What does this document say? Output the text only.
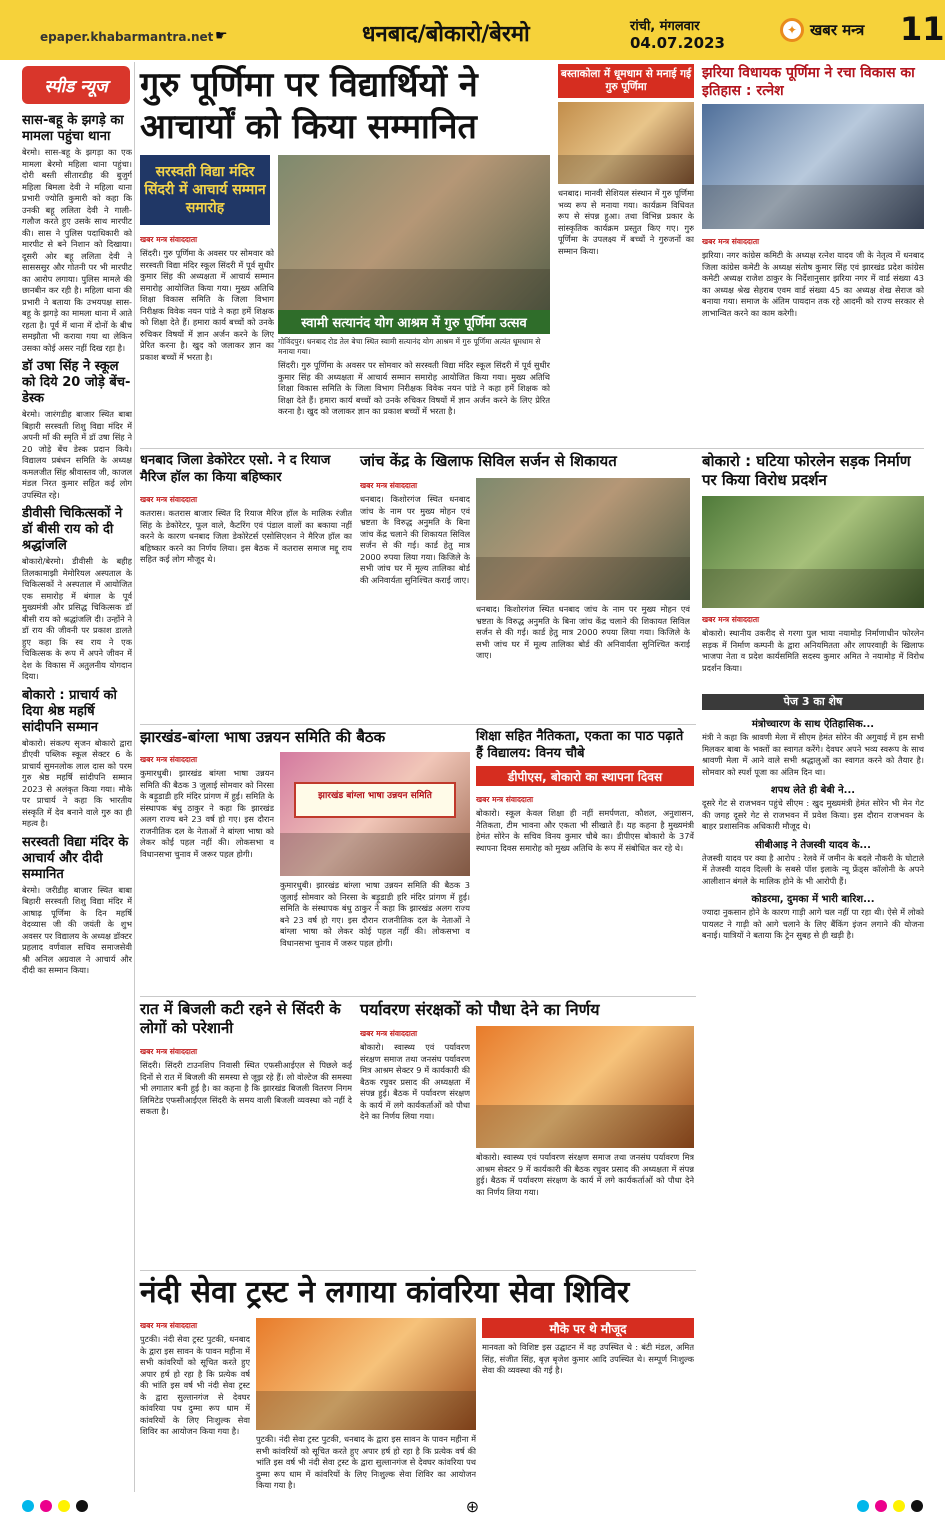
epaper.khabarmantra.net ☛	धनबाद/बोकारो/बेरमो	रांची, मंगलवार
04.07.2023
✦ खबर मन्त्र 11
स्पीड न्यूज
सास-बहू के झगड़े का मामला पहुंचा थाना
बेरमो। सास-बहू के झगड़ा का एक मामला बेरमो महिला थाना पहुंचा। दोरी बस्ती सीतारडीह की बुजुर्ग महिला बिमला देवी ने महिला थाना प्रभारी ज्योति कुमारी को कहा कि उनकी बहू ललिता देवी ने गाली-गलौज करते हुए उसके साथ मारपीट की। सास ने पुलिस पदाधिकारी को मारपीट से बने निशान को दिखाया। दूसरी ओर बहू ललिता देवी ने सासससुर और गोतनी पर भी मारपीट का आरोप लगाया। पुलिस मामले की छानबीन कर रही है। महिला थाना की प्रभारी ने बताया कि उभयपक्ष सास-बहू के झगड़े का मामला थाना में आते रहता है। पूर्व में थाना में दोनों के बीच समझौता भी कराया गया था लेकिन उसका कोई असर नहीं दिख रहा है।
डॉ उषा सिंह ने स्कूल को दिये 20 जोड़े बेंच-डेस्क
बेरमो। जारंगडीह बाजार स्थित बाबा बिहारी सरस्वती शिशु विद्या मंदिर में अपनी माँ की स्मृति में डॉ उषा सिंह ने 20 जोड़े बेंच डेस्क प्रदान किये। विद्यालय प्रबंधन समिति के अध्यक्ष कमलजीत सिंह श्रीवास्तव जी, काजल मंडल निरत कुमार सहित कई लोग उपस्थित रहे।
डीवीसी चिकित्सकों ने डॉ बीसी राय को दी श्रद्धांजलि
बोकारो/बेरमो। डीवीसी के बहीह तिलकामाझी मेमोरियल अस्पताल के चिकित्सकों ने अस्पताल में आयोजित एक समारोह में बंगाल के पूर्व मुख्यमंत्री और प्रसिद्ध चिकित्सक डॉ बीसी राय को श्रद्धांजलि दी। उन्होंने ने डॉ राय की जीवनी पर प्रकाश डालते हुए कहा कि स्व राय ने एक चिकित्सक के रूप में अपने जीवन में देश के विकास में अतुलनीय योगदान दिया।
बोकारो : प्राचार्य को दिया श्रेष्ठ महर्षि सांदीपनि सम्मान
बोकारो। संकल्प सृजन बोकारो द्वारा डीएवी पब्लिक स्कूल सेक्टर 6 के प्राचार्य सुमनलोक लाल दास को परम गुरु श्रेष्ठ महर्षि सांदीपनि सम्मान 2023 से अलंकृत किया गया। मौके पर प्राचार्य ने कहा कि भारतीय संस्कृति में देव बनाने वाले गुरु का ही महत्व है।
सरस्वती विद्या मंदिर के आचार्य और दीदी सम्मानित
बेरमो। जरीडीह बाजार स्थित बाबा बिहारी सरस्वती शिशु विद्या मंदिर में आषाढ़ पूर्णिमा के दिन महर्षि वेदव्यास जी की जयंती के शुभ अवसर पर विद्यालय के अध्यक्ष डॉक्टर प्रहलाद वर्णवाल सचिव समाजसेवी श्री अनिल अग्रवाल ने आचार्य और दीदी का सम्मान किया।
गुरु पूर्णिमा पर विद्यार्थियों ने आचार्यों को किया सम्मानित
सरस्वती विद्या मंदिर सिंदरी में आचार्य सम्मान समारोह
स्वामी सत्यानंद योग आश्रम में गुरु पूर्णिमा उत्सव
गोविंदपुर। धनबाद रोड तेल बेचा स्थित स्वामी सत्यानंद योग आश्रम में गुरु पूर्णिमा अत्यंत धूमधाम से मनाया गया।
खबर मन्त्र संवाददाता
सिंदरी। गुरु पूर्णिमा के अवसर पर सोमवार को सरस्वती विद्या मंदिर स्कूल सिंदरी में पूर्व सुधीर कुमार सिंह की अध्यक्षता में आचार्य सम्मान समारोह आयोजित किया गया। मुख्य अतिथि शिक्षा विकास समिति के जिला विभाग निरीक्षक विवेक नयन पांडे ने कहा हमें शिक्षक को शिक्षा देते हैं। हमारा कार्य बच्चों को उनके रुचिकर विषयों में ज्ञान अर्जन करने के लिए प्रेरित करना है। खुद को जलाकर ज्ञान का प्रकाश बच्चों में भरता है।
सिंदरी। गुरु पूर्णिमा के अवसर पर सोमवार को सरस्वती विद्या मंदिर स्कूल सिंदरी में पूर्व सुधीर कुमार सिंह की अध्यक्षता में आचार्य सम्मान समारोह आयोजित किया गया। मुख्य अतिथि शिक्षा विकास समिति के जिला विभाग निरीक्षक विवेक नयन पांडे ने कहा हमें शिक्षक को शिक्षा देते हैं। हमारा कार्य बच्चों को उनके रुचिकर विषयों में ज्ञान अर्जन करने के लिए प्रेरित करना है। खुद को जलाकर ज्ञान का प्रकाश बच्चों में भरता है।
बस्ताकोला में धूमधाम से मनाई गई गुरु पूर्णिमा
धनबाद। मानवी सेशियल संस्थान में गुरु पूर्णिमा भव्य रूप से मनाया गया। कार्यक्रम विधिवत रूप से संपन्न हुआ। तथा विभिन्न प्रकार के सांस्कृतिक कार्यक्रम प्रस्तुत किए गए। गुरु पूर्णिमा के उपलक्ष्य में बच्चों ने गुरुजनों का सम्मान किया।
झरिया विधायक पूर्णिमा ने रचा विकास का इतिहास : रत्नेश
खबर मन्त्र संवाददाता
झरिया। नगर कांग्रेस कमिटी के अध्यक्ष रत्नेश यादव जी के नेतृत्व में धनबाद जिला कांग्रेस कमेटी के अध्यक्ष संतोष कुमार सिंह एवं झारखंड प्रदेश कांग्रेस कमेटी अध्यक्ष राजेश ठाकुर के निर्देशानुसार झरिया नगर में वार्ड संख्या 43 का अध्यक्ष श्रेख सेहराब एवम वार्ड संख्या 45 का अध्यक्ष शेख सेराज को बनाया गया। समाज के अंतिम पायदान तक रहे आदमी को राज्य सरकार से लाभान्वित करने का काम करेगी।
धनबाद जिला डेकोरेटर एसो. ने द रियाज मैरिज हॉल का किया बहिष्कार
खबर मन्त्र संवाददाता
कतरास। कतरास बाजार स्थित दि रियाज मैरिज हॉल के मालिक रंजीत सिंह के डेकोरेटर, फूल वाले, कैटरिंग एवं पंडाल वालों का बकाया नहीं करने के कारण धनबाद जिला डेकोरेटर्स एसोसिएशन ने मैरिज हॉल का बहिष्कार करने का निर्णय लिया। इस बैठक में कतरास समाज मद्दू राय सहित कई लोग मौजूद थे।
जांच केंद्र के खिलाफ सिविल सर्जन से शिकायत
खबर मन्त्र संवाददाता
धनबाद। किशोरगंज स्थित धनबाद जांच के नाम पर मुख्य मोहन एवं भ्रष्टता के विरुद्ध अनुमति के बिना जांच केंद्र चलाने की शिकायत सिविल सर्जन से की गई। कार्ड हेतु मात्र 2000 रुपया लिया गया। किजिले के सभी जांच घर में मूल्य तालिका बोर्ड की अनिवार्यता सुनिश्चित कराई जाए।
धनबाद। किशोरगंज स्थित धनबाद जांच के नाम पर मुख्य मोहन एवं भ्रष्टता के विरुद्ध अनुमति के बिना जांच केंद्र चलाने की शिकायत सिविल सर्जन से की गई। कार्ड हेतु मात्र 2000 रुपया लिया गया। किजिले के सभी जांच घर में मूल्य तालिका बोर्ड की अनिवार्यता सुनिश्चित कराई जाए।
बोकारो : घटिया फोरलेन सड़क निर्माण पर किया विरोध प्रदर्शन
खबर मन्त्र संवाददाता
बोकारो। स्थानीय उकरीद से गरगा पुल भाया नयामोड़ निर्माणाधीन फोरलेन सड़क में निर्माण कम्पनी के द्वारा अनियमितता और लापरवाही के खिलाफ भाजपा नेता व प्रदेश कार्यसमिति सदस्य कुमार अमित ने नयामोड़ में विरोध प्रदर्शन किया।
पेज 3 का शेष
मंत्रोच्चारण के साथ ऐतिहासिक...
मंत्री ने कहा कि श्रावणी मेला में सीएम हेमंत सोरेन की अगुवाई में हम सभी मिलकर बाबा के भक्तों का स्वागत करेंगे। देवघर अपने भव्य स्वरूप के साथ श्रावणी मेला में आने वाले सभी श्रद्धालुओं का स्वागत करने को तैयार है। सोमवार को स्पर्श पूजा का अंतिम दिन था।
शपथ लेते ही बेबी ने...
दूसरे गेट से राजभवन पहुंचे सीएम : खुद मुख्यमंत्री हेमंत सोरेन भी मेन गेट की जगह दूसरे गेट से राजभवन में प्रवेश किया। इस दौरान राजभवन के बाहर प्रशासनिक अधिकारी मौजूद थे।
सीबीआइ ने तेजस्वी यादव के...
तेजस्वी यादव पर क्या है आरोप : रेलवे में जमीन के बदले नौकरी के घोटाले में तेजस्वी यादव दिल्ली के सबसे पॉश इलाके न्यू फ्रेंड्स कॉलोनी के अपने आलीशान बंगले के मालिक होने के भी आरोपी हैं।
कोडरमा, दुमका में भारी बारिश...
ज्यादा नुकसान होने के कारण गाड़ी आगे चल नहीं पा रहा थी। ऐसे में लोको पायलट ने गाड़ी को आगे चलाने के लिए बैंकिंग इंजन लगाने की योजना बनाई। यात्रियों ने बताया कि ट्रेन सुबह से ही खड़ी है।
झारखंड-बांग्ला भाषा उन्नयन समिति की बैठक
खबर मन्त्र संवाददाता
कुमारधुबी। झारखंड बांग्ला भाषा उन्नयन समिति की बैठक 3 जुलाई सोमवार को निरसा के बड़ूडाडी हरि मंदिर प्रांगण में हुई। समिति के संस्थापक बंधु ठाकुर ने कहा कि झारखंड अलग राज्य बने 23 वर्ष हो गए। इस दौरान राजनीतिक दल के नेताओं ने बांग्ला भाषा को लेकर कोई पहल नहीं की। लोकसभा व विधानसभा चुनाव में जरूर पहल होगी।
झारखंड बांग्ला भाषा उन्नयन समिति
कुमारधुबी। झारखंड बांग्ला भाषा उन्नयन समिति की बैठक 3 जुलाई सोमवार को निरसा के बड़ूडाडी हरि मंदिर प्रांगण में हुई। समिति के संस्थापक बंधु ठाकुर ने कहा कि झारखंड अलग राज्य बने 23 वर्ष हो गए। इस दौरान राजनीतिक दल के नेताओं ने बांग्ला भाषा को लेकर कोई पहल नहीं की। लोकसभा व विधानसभा चुनाव में जरूर पहल होगी।
शिक्षा सहित नैतिकता, एकता का पाठ पढ़ाते हैं विद्यालय: विनय चौबे
डीपीएस, बोकारो का स्थापना दिवस
खबर मन्त्र संवाददाता
बोकारो। स्कूल केवल शिक्षा ही नहीं समर्पणता, कौशल, अनुशासन, नैतिकता, टीम भावना और एकता भी सीखाते हैं। यह कहना है मुख्यमंत्री हेमंत सोरेन के सचिव विनय कुमार चौबे का। डीपीएस बोकारो के 37वें स्थापना दिवस समारोह को मुख्य अतिथि के रूप में संबोधित कर रहे थे।
रात में बिजली कटी रहने से सिंदरी के लोगों को परेशानी
खबर मन्त्र संवाददाता
सिंदरी। सिंदरी टाउनशिप निवासी स्थित एफसीआईएल से पिछले कई दिनों से रात में बिजली की समस्या से जूझ रहे हैं। लो वोल्टेज की समस्या भी लगातार बनी हुई है। का कहना है कि झारखंड बिजली वितरण निगम लिमिटेड एफसीआईएल सिंदरी के समय वाली बिजली व्यवस्था को नहीं दे सकता है।
पर्यावरण संरक्षकों को पौधा देने का निर्णय
खबर मन्त्र संवाददाता
बोकारो। स्वास्थ्य एवं पर्यावरण संरक्षण समाज तथा जनसंघ पर्यावरण मित्र आश्रम सेक्टर 9 में कार्यकारी की बैठक रघुवर प्रसाद की अध्यक्षता में संपन्न हुई। बैठक में पर्यावरण संरक्षण के कार्य में लगे कार्यकर्ताओं को पौधा देने का निर्णय लिया गया।
बोकारो। स्वास्थ्य एवं पर्यावरण संरक्षण समाज तथा जनसंघ पर्यावरण मित्र आश्रम सेक्टर 9 में कार्यकारी की बैठक रघुवर प्रसाद की अध्यक्षता में संपन्न हुई। बैठक में पर्यावरण संरक्षण के कार्य में लगे कार्यकर्ताओं को पौधा देने का निर्णय लिया गया।
नंदी सेवा ट्रस्ट ने लगाया कांवरिया सेवा शिविर
खबर मन्त्र संवाददाता
पुटकी। नंदी सेवा ट्रस्ट पुटकी, धनबाद के द्वारा इस सावन के पावन महीना में सभी कांवरियों को सूचित करते हुए अपार हर्ष हो रहा है कि प्रत्येक वर्ष की भांति इस वर्ष भी नंदी सेवा ट्रस्ट के द्वारा सुल्तानगंज से देवघर कांवरिया पथ दुम्मा रूप धाम में कांवरियों के लिए निःशुल्क सेवा शिविर का आयोजन किया गया है।
पुटकी। नंदी सेवा ट्रस्ट पुटकी, धनबाद के द्वारा इस सावन के पावन महीना में सभी कांवरियों को सूचित करते हुए अपार हर्ष हो रहा है कि प्रत्येक वर्ष की भांति इस वर्ष भी नंदी सेवा ट्रस्ट के द्वारा सुल्तानगंज से देवघर कांवरिया पथ दुम्मा रूप धाम में कांवरियों के लिए निःशुल्क सेवा शिविर का आयोजन किया गया है।
मौके पर थे मौजूद
मानवता को विशिष्ट इस उद्घाटन में वह उपस्थित थे : बंटी मंडल, अमित सिंह, संजीत सिंह, बृज़ बृजेश कुमार आदि उपस्थित थे। सम्पूर्ण निःशुल्क सेवा की व्यवस्था की गई है।
⊕
